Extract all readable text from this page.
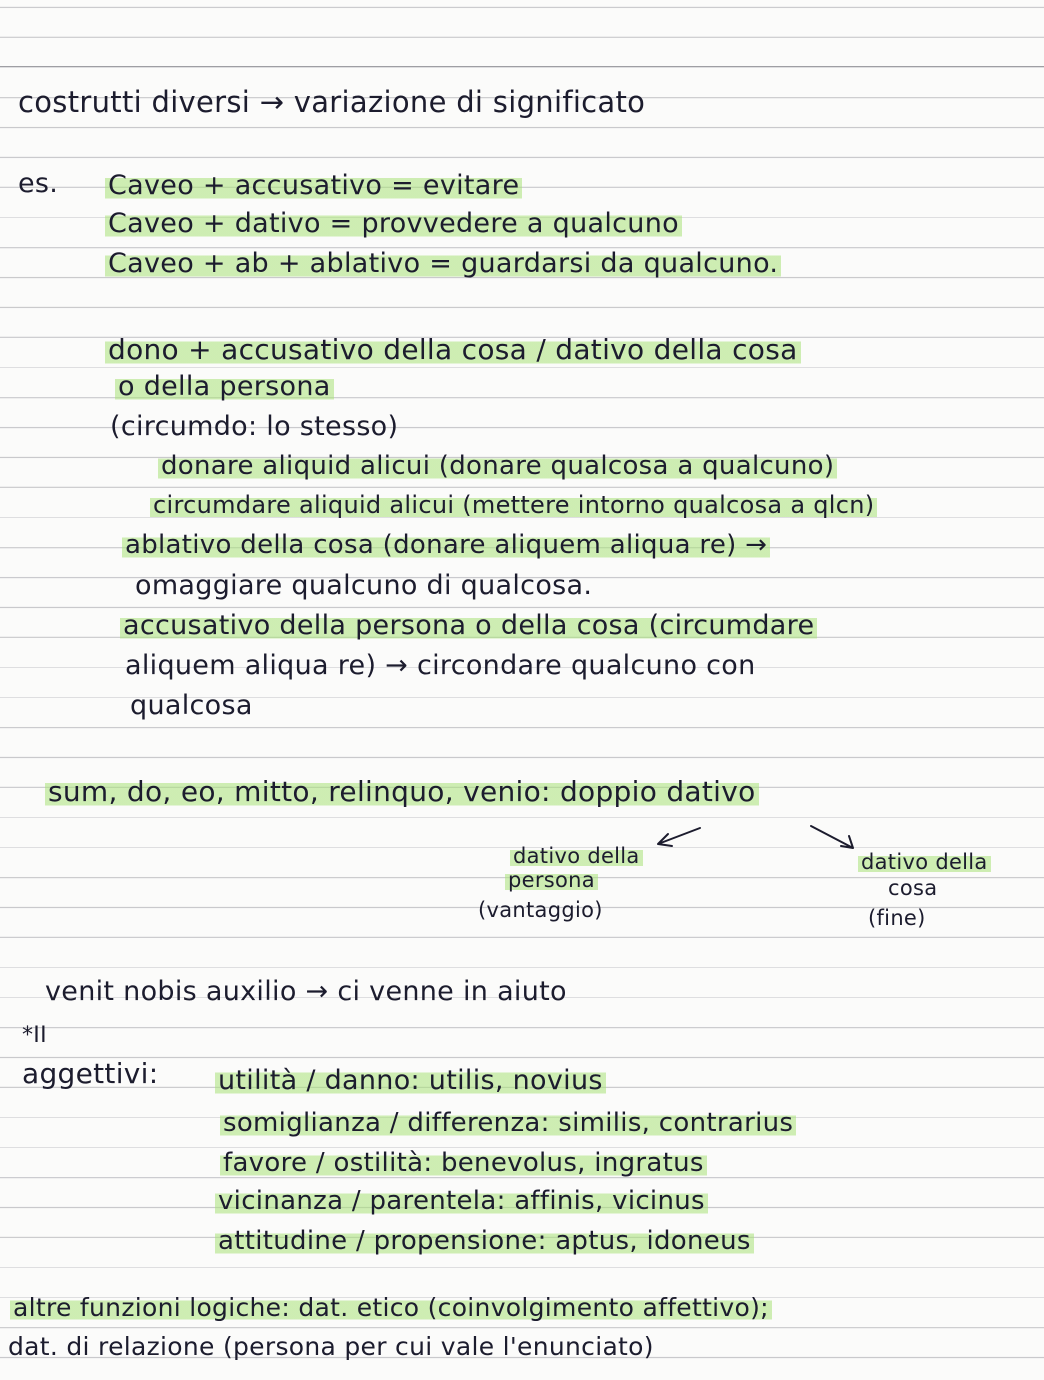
costrutti diversi → variazione di significato
es. Caveo + accusativo = evitare
Caveo + dativo = provvedere a qualcuno
Caveo + ab + ablativo = guardarsi da qualcuno.
dono + accusativo della cosa / dativo della cosa
o della persona
(circumdo: lo stesso)
donare aliquid alicui (donare qualcosa a qualcuno)
circumdare aliquid alicui (mettere intorno qualcosa a qlcn)
ablativo della cosa (donare aliquem aliqua re) →
omaggiare qualcuno di qualcosa.
accusativo della persona o della cosa (circumdare
aliquem aliqua re) → circondare qualcuno con
qualcosa
sum, do, eo, mitto, relinquo, venio: doppio dativo
dativo della
persona
(vantaggio)
dativo della
cosa
(fine)
venit nobis auxilio → ci venne in aiuto
*II
aggettivi: utilità / danno: utilis, novius
somiglianza / differenza: similis, contrarius
favore / ostilità: benevolus, ingratus
vicinanza / parentela: affinis, vicinus
attitudine / propensione: aptus, idoneus
altre funzioni logiche: dat. etico (coinvolgimento affettivo);
dat. di relazione (persona per cui vale l'enunciato)
